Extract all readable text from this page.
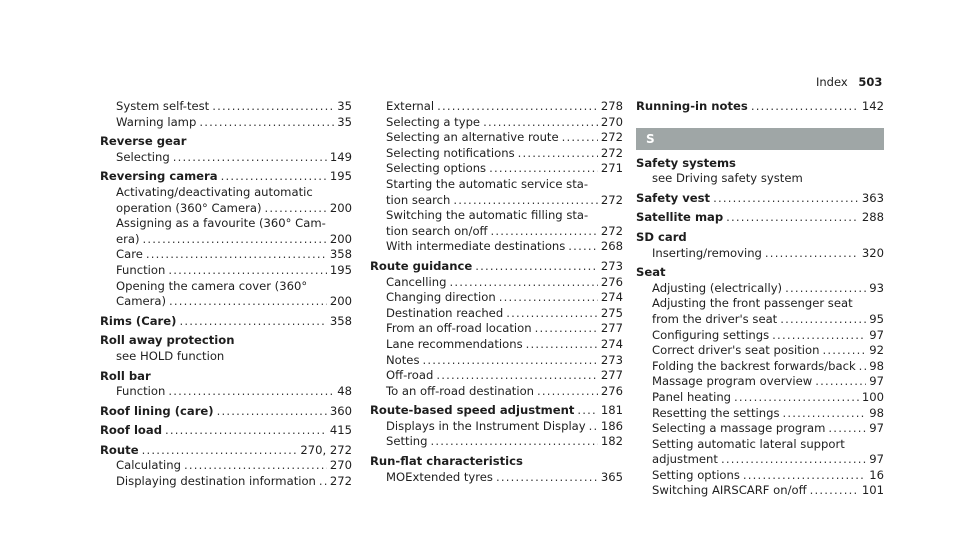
Index 503
System self-test .....	35
Warning lamp .....	35
Reverse gear
Selecting .....	149
Reversing camera .....	195
Activating/deactivating automatic
operation (360° Camera) .....	200
Assigning as a favourite (360° Cam-
era) .....	200
Care .....	358
Function .....	195
Opening the camera cover (360°
Camera) .....	200
Rims (Care) .....	358
Roll away protection
see HOLD function
Roll bar
Function .....	48
Roof lining (care) .....	360
Roof load .....	415
Route .....	270, 272
Calculating .....	270
Displaying destination information ..... 272
External .....	278
Selecting a type .....	270
Selecting an alternative route .....	272
Selecting notifications .....	272
Selecting options .....	271
Starting the automatic service sta-
tion search .....	272
Switching the automatic filling sta-
tion search on/off .....	272
With intermediate destinations .....	268
Route guidance .....	273
Cancelling .....	276
Changing direction .....	274
Destination reached .....	275
From an off-road location .....	277
Lane recommendations .....	274
Notes .....	273
Off-road .....	277
To an off-road destination .....	276
Route-based speed adjustment ..... 181
Displays in the Instrument Display ..... 186
Setting .....	182
Run-flat characteristics
MOExtended tyres .....	365
Running-in notes .....	142
S
Safety systems
see Driving safety system
Safety vest .....	363
Satellite map .....	288
SD card
Inserting/removing .....	320
Seat
Adjusting (electrically) .....	93
Adjusting the front passenger seat
from the driver's seat .....	95
Configuring settings .....	97
Correct driver's seat position .....	92
Folding the backrest forwards/back ..... 98
Massage program overview .....	97
Panel heating .....	100
Resetting the settings .....	98
Selecting a massage program .....	97
Setting automatic lateral support
adjustment .....	97
Setting options .....	16
Switching AIRSCARF on/off .....	101
